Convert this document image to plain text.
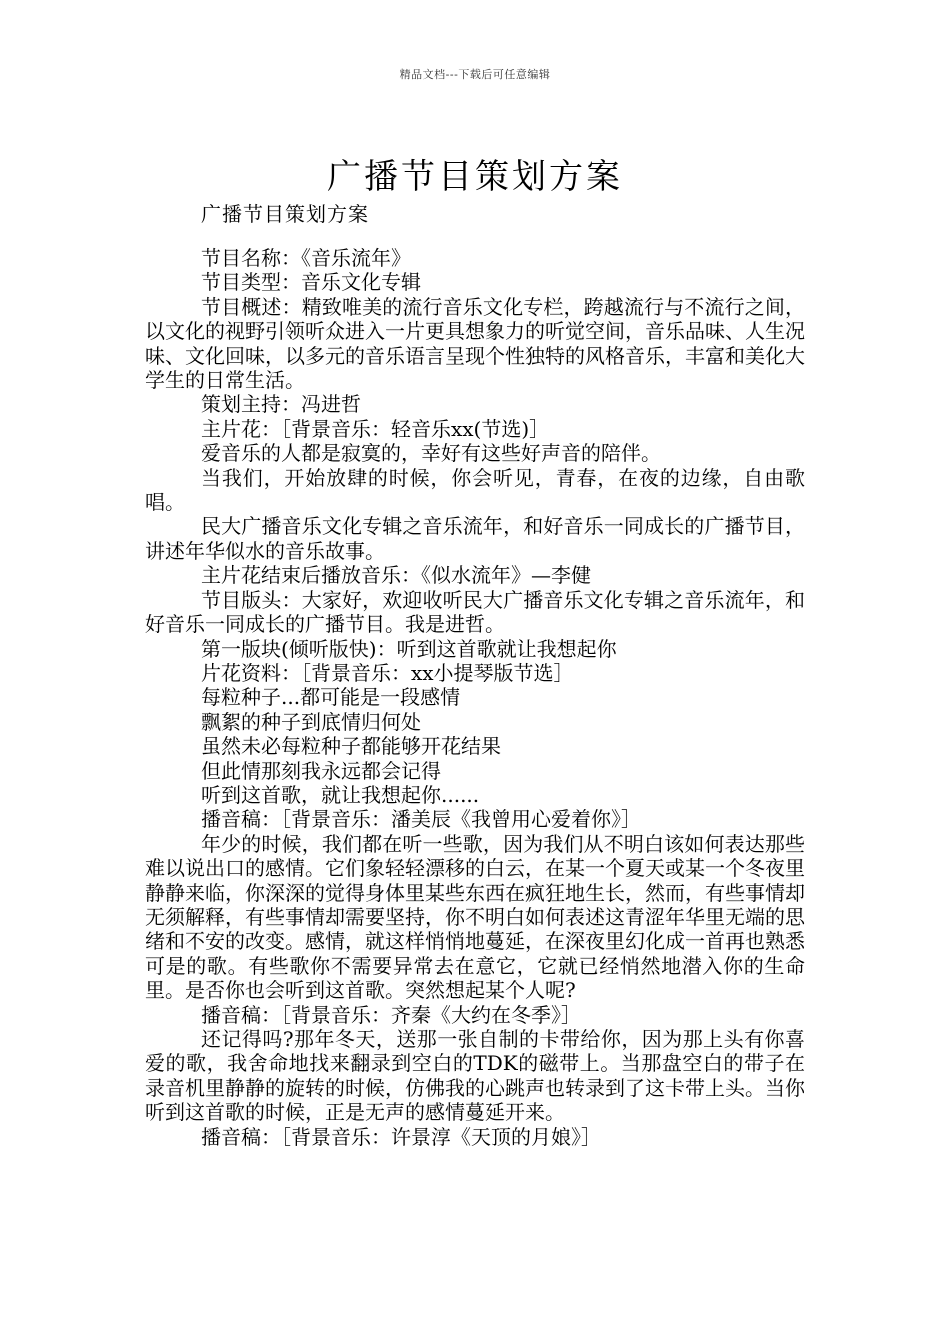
精品文档---下载后可任意编辑
广播节目策划方案
广播节目策划方案

节目名称：《音乐流年》

节目类型：音乐文化专辑

节目概述：精致唯美的流行音乐文化专栏，跨越流行与不流行之间，以文化的视野引领听众进入一片更具想象力的听觉空间，音乐品味、人生况味、文化回味，以多元的音乐语言呈现个性独特的风格音乐，丰富和美化大学生的日常生活。

策划主持：冯进哲

主片花：［背景音乐：轻音乐xx(节选)］

爱音乐的人都是寂寞的，幸好有这些好声音的陪伴。

当我们，开始放肆的时候，你会听见，青春，在夜的边缘，自由歌唱。

民大广播音乐文化专辑之音乐流年，和好音乐一同成长的广播节目，讲述年华似水的音乐故事。

主片花结束后播放音乐：《似水流年》—李健

节目版头：大家好，欢迎收听民大广播音乐文化专辑之音乐流年，和好音乐一同成长的广播节目。我是进哲。

第一版块(倾听版快)：听到这首歌就让我想起你

片花资料：［背景音乐：xx小提琴版节选］

每粒种子...都可能是一段感情

飘絮的种子到底情归何处

虽然未必每粒种子都能够开花结果

但此情那刻我永远都会记得

听到这首歌，就让我想起你......

播音稿：［背景音乐：潘美辰《我曾用心爱着你》］

年少的时候，我们都在听一些歌，因为我们从不明白该如何表达那些难以说出口的感情。它们象轻轻漂移的白云，在某一个夏天或某一个冬夜里静静来临，你深深的觉得身体里某些东西在疯狂地生长，然而，有些事情却无须解释，有些事情却需要坚持，你不明白如何表述这青涩年华里无端的思绪和不安的改变。感情，就这样悄悄地蔓延，在深夜里幻化成一首再也熟悉可是的歌。有些歌你不需要异常去在意它，它就已经悄然地潜入你的生命里。是否你也会听到这首歌。突然想起某个人呢?

播音稿：［背景音乐：齐秦《大约在冬季》］

还记得吗?那年冬天，送那一张自制的卡带给你，因为那上头有你喜爱的歌，我舍命地找来翻录到空白的TDK的磁带上。当那盘空白的带子在录音机里静静的旋转的时候，仿佛我的心跳声也转录到了这卡带上头。当你听到这首歌的时候，正是无声的感情蔓延开来。

播音稿：［背景音乐：许景淳《天顶的月娘》］
